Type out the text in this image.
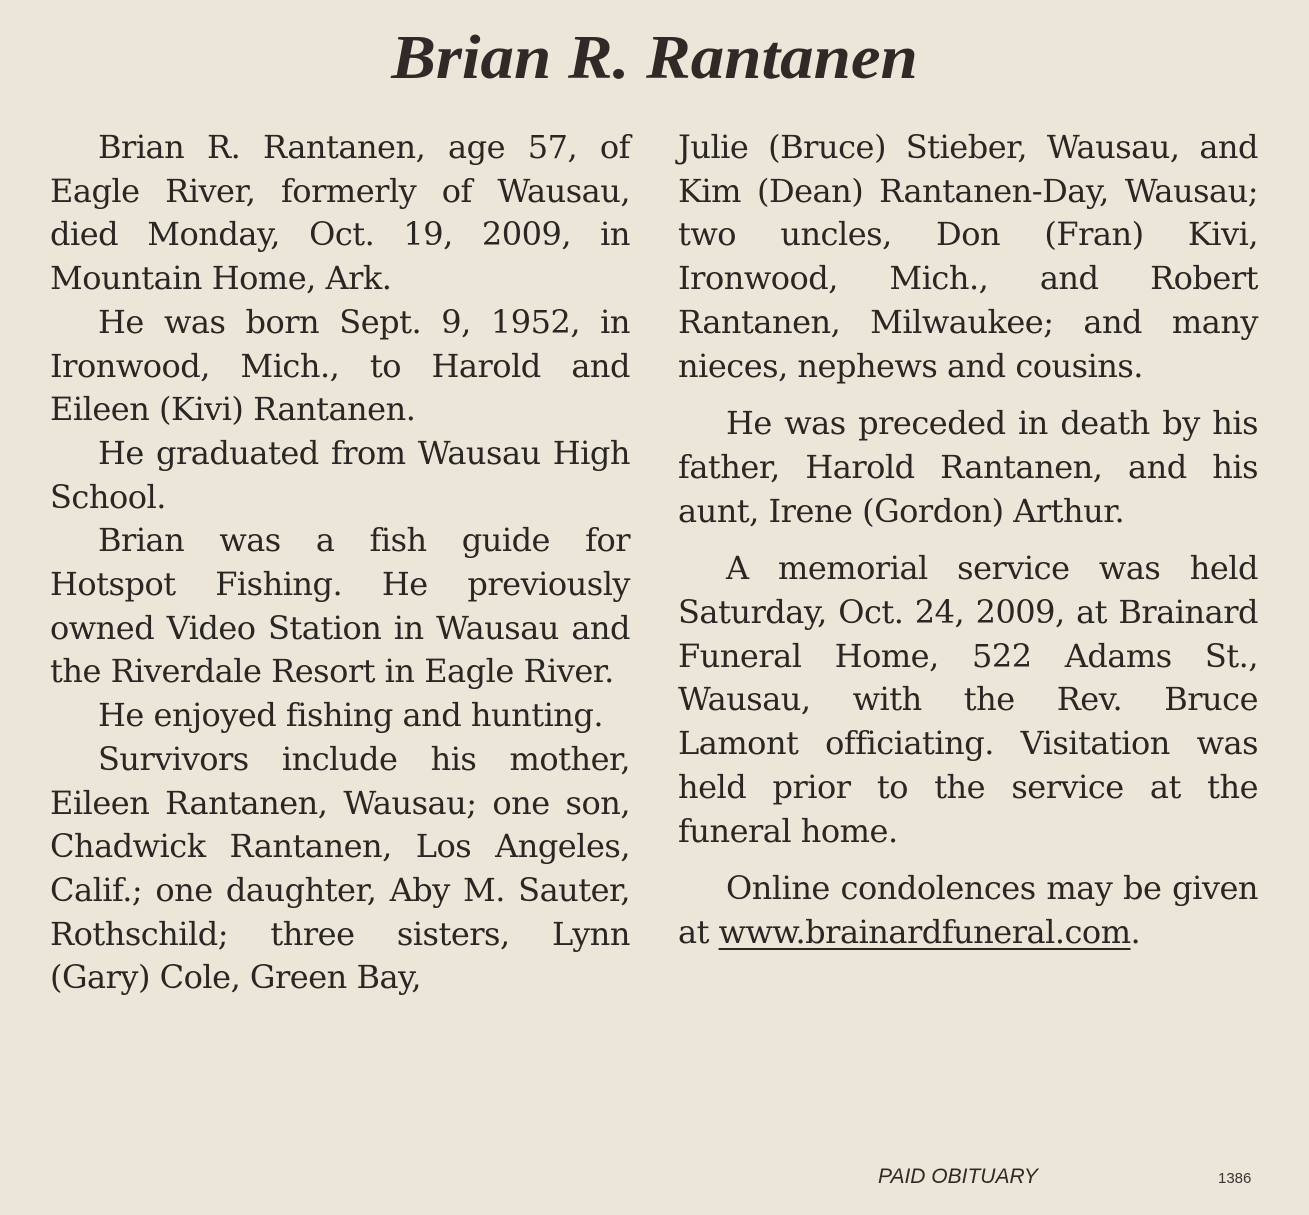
Brian R. Rantanen

Brian R. Rantanen, age 57, of Eagle River, formerly of Wausau, died Monday, Oct. 19, 2009, in Mountain Home, Ark.

He was born Sept. 9, 1952, in Ironwood, Mich., to Harold and Eileen (Kivi) Rantanen.

He graduated from Wausau High School.

Brian was a fish guide for Hotspot Fishing. He previously owned Video Station in Wausau and the Riverdale Resort in Eagle River.

He enjoyed fishing and hunting.

Survivors include his mother, Eileen Rantanen, Wausau; one son, Chadwick Rantanen, Los Angeles, Calif.; one daughter, Aby M. Sauter, Rothschild; three sisters, Lynn (Gary) Cole, Green Bay,

Julie (Bruce) Stieber, Wausau, and Kim (Dean) Rantanen-Day, Wausau; two uncles, Don (Fran) Kivi, Ironwood, Mich., and Robert Rantanen, Milwaukee; and many nieces, nephews and cousins.

He was preceded in death by his father, Harold Rantanen, and his aunt, Irene (Gordon) Arthur.

A memorial service was held Saturday, Oct. 24, 2009, at Brainard Funeral Home, 522 Adams St., Wausau, with the Rev. Bruce Lamont officiating. Visitation was held prior to the service at the funeral home.

Online condolences may be given at www.brainardfuneral.com.

PAID OBITUARY	1386
